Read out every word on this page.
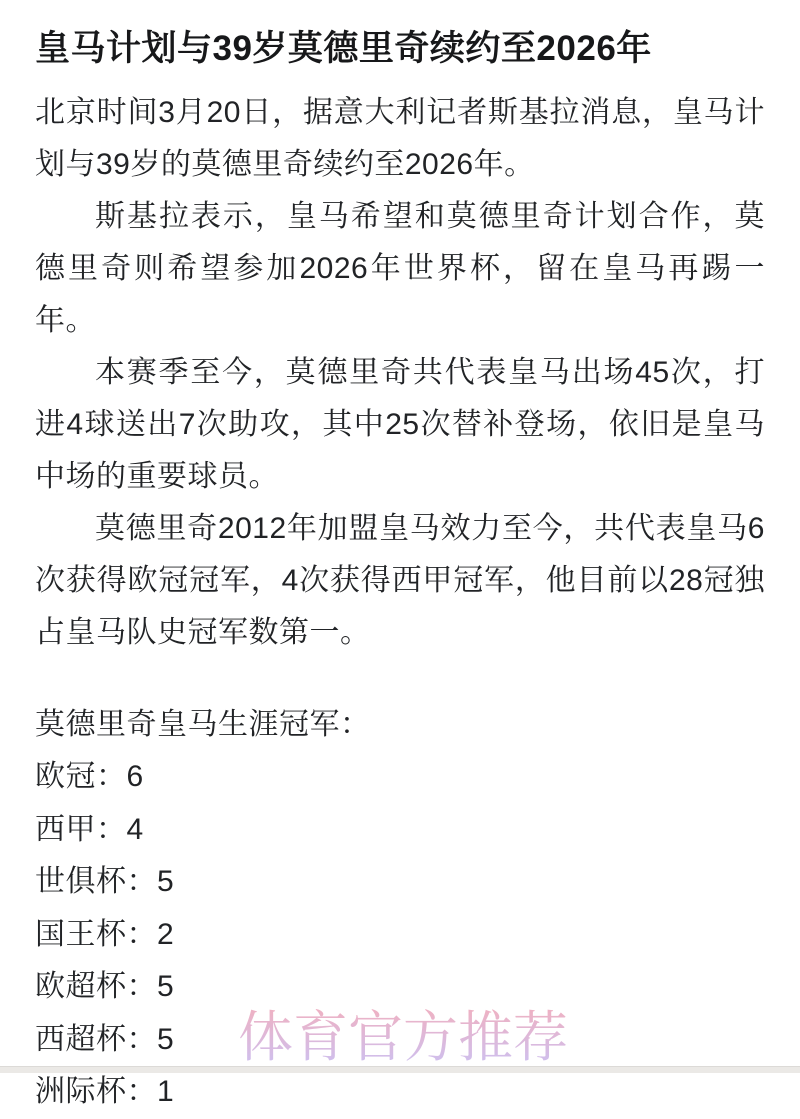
皇马计划与39岁莫德里奇续约至2026年

北京时间3月20日，据意大利记者斯基拉消息，皇马计划与39岁的莫德里奇续约至2026年。

斯基拉表示，皇马希望和莫德里奇计划合作，莫德里奇则希望参加2026年世界杯，留在皇马再踢一年。

本赛季至今，莫德里奇共代表皇马出场45次，打进4球送出7次助攻，其中25次替补登场，依旧是皇马中场的重要球员。

莫德里奇2012年加盟皇马效力至今，共代表皇马6次获得欧冠冠军，4次获得西甲冠军，他目前以28冠独占皇马队史冠军数第一。

莫德里奇皇马生涯冠军：
欧冠：6
西甲：4
世俱杯：5
国王杯：2
欧超杯：5
西超杯：5
洲际杯：1
体育官方推荐
